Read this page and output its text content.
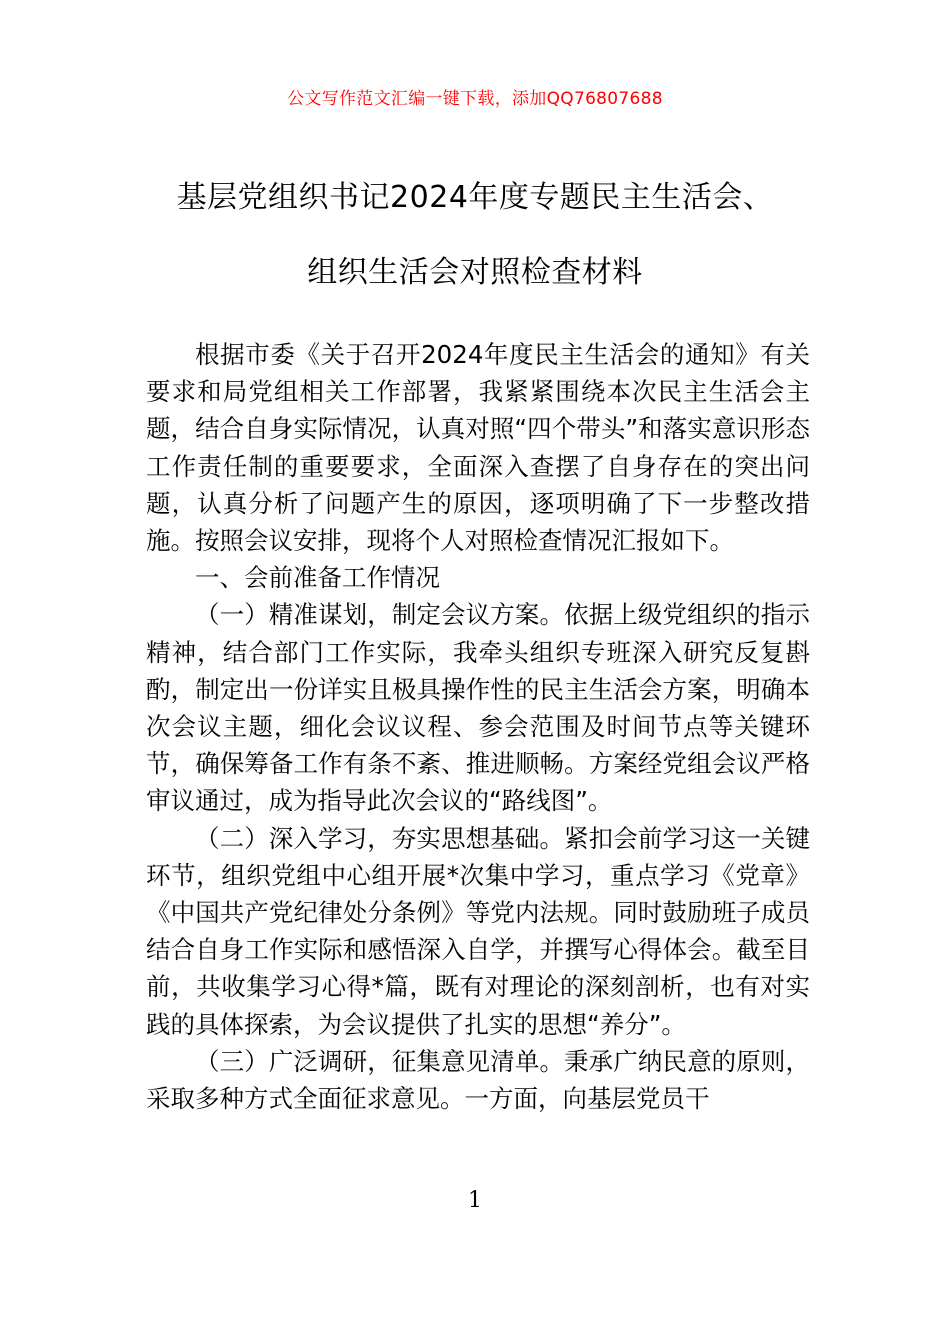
公文写作范文汇编一键下载，添加QQ76807688
基层党组织书记2024年度专题民主生活会、
组织生活会对照检查材料

根据市委《关于召开2024年度民主生活会的通知》有关要求和局党组相关工作部署，我紧紧围绕本次民主生活会主题，结合自身实际情况，认真对照“四个带头”和落实意识形态工作责任制的重要要求，全面深入查摆了自身存在的突出问题，认真分析了问题产生的原因，逐项明确了下一步整改措施。按照会议安排，现将个人对照检查情况汇报如下。

一、会前准备工作情况

（一）精准谋划，制定会议方案。依据上级党组织的指示精神，结合部门工作实际，我牵头组织专班深入研究反复斟酌，制定出一份详实且极具操作性的民主生活会方案，明确本次会议主题，细化会议议程、参会范围及时间节点等关键环节，确保筹备工作有条不紊、推进顺畅。方案经党组会议严格审议通过，成为指导此次会议的“路线图”。

（二）深入学习，夯实思想基础。紧扣会前学习这一关键环节，组织党组中心组开展*次集中学习，重点学习《党章》《中国共产党纪律处分条例》等党内法规。同时鼓励班子成员结合自身工作实际和感悟深入自学，并撰写心得体会。截至目前，共收集学习心得*篇，既有对理论的深刻剖析，也有对实践的具体探索，为会议提供了扎实的思想“养分”。

（三）广泛调研，征集意见清单。秉承广纳民意的原则，采取多种方式全面征求意见。一方面，向基层党员干

1
